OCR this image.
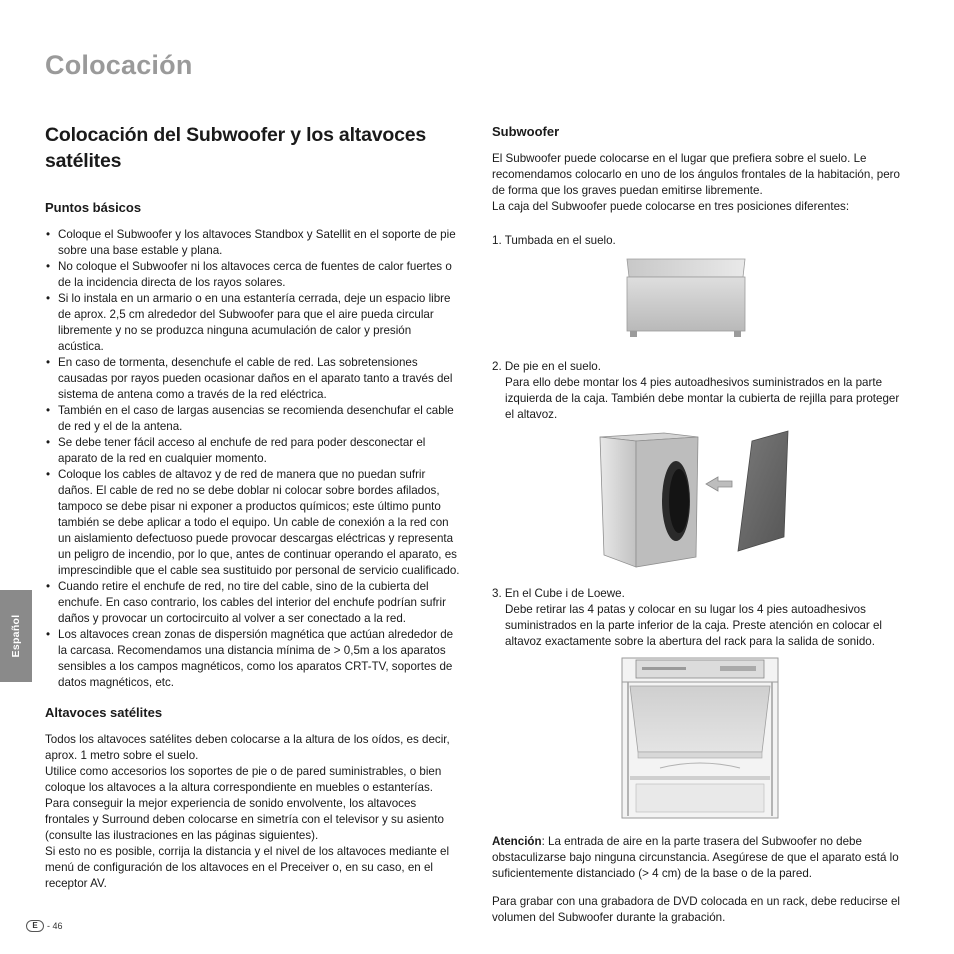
Colocación
Español
Colocación del Subwoofer y los altavoces satélites
Puntos básicos
• Coloque el Subwoofer y los altavoces Standbox y Satellit en el soporte de pie sobre una base estable y plana.
• No coloque el Subwoofer ni los altavoces cerca de fuentes de calor fuertes o de la incidencia directa de los rayos solares.
• Si lo instala en un armario o en una estantería cerrada, deje un espacio libre de aprox. 2,5 cm alrededor del Subwoofer para que el aire pueda circular libremente y no se produzca ninguna acumulación de calor y presión acústica.
• En caso de tormenta, desenchufe el cable de red. Las sobretensiones causadas por rayos pueden ocasionar daños en el aparato tanto a través del sistema de antena como a través de la red eléctrica.
• También en el caso de largas ausencias se recomienda desenchufar el cable de red y el de la antena.
• Se debe tener fácil acceso al enchufe de red para poder desconectar el aparato de la red en cualquier momento.
• Coloque los cables de altavoz y de red de manera que no puedan sufrir daños. El cable de red no se debe doblar ni colocar sobre bordes afilados, tampoco se debe pisar ni exponer a productos químicos; este último punto también se debe aplicar a todo el equipo. Un cable de conexión a la red con un aislamiento defectuoso puede provocar descargas eléctricas y representa un peligro de incendio, por lo que, antes de continuar operando el aparato, es imprescindible que el cable sea sustituido por personal de servicio cualificado.
• Cuando retire el enchufe de red, no tire del cable, sino de la cubierta del enchufe. En caso contrario, los cables del interior del enchufe podrían sufrir daños y provocar un cortocircuito al volver a ser conectado a la red.
• Los altavoces crean zonas de dispersión magnética que actúan alrededor de la carcasa. Recomendamos una distancia mínima de > 0,5m a los aparatos sensibles a los campos magnéticos, como los aparatos CRT-TV, soportes de datos magnéticos, etc.
Altavoces satélites

Todos los altavoces satélites deben colocarse a la altura de los oídos, es decir, aprox. 1 metro sobre el suelo.

Utilice como accesorios los soportes de pie o de pared suministrables, o bien coloque los altavoces a la altura correspondiente en muebles o estanterías.

Para conseguir la mejor experiencia de sonido envolvente, los altavoces frontales y Surround deben colocarse en simetría con el televisor y su asiento (consulte las ilustraciones en las páginas siguientes).

Si esto no es posible, corrija la distancia y el nivel de los altavoces mediante el menú de configuración de los altavoces en el Preceiver o, en su caso, en el receptor AV.

Subwoofer

El Subwoofer puede colocarse en el lugar que prefiera sobre el suelo. Le recomendamos colocarlo en uno de los ángulos frontales de la habitación, pero de forma que los graves puedan emitirse libremente.

La caja del Subwoofer puede colocarse en tres posiciones diferentes:

1. Tumbada en el suelo.

2. De pie en el suelo.

Para ello debe montar los 4 pies autoadhesivos suministrados en la parte izquierda de la caja. También debe montar la cubierta de rejilla para proteger el altavoz.

3. En el Cube i de Loewe.

Debe retirar las 4 patas y colocar en su lugar los 4 pies autoadhesivos suministrados en la parte inferior de la caja. Preste atención en colocar el altavoz exactamente sobre la abertura del rack para la salida de sonido.

Atención: La entrada de aire en la parte trasera del Subwoofer no debe obstaculizarse bajo ninguna circunstancia. Asegúrese de que el aparato está lo suficientemente distanciado (> 4 cm) de la base o de la pared.

Para grabar con una grabadora de DVD colocada en un rack, debe reducirse el volumen del Subwoofer durante la grabación.

E	- 46
